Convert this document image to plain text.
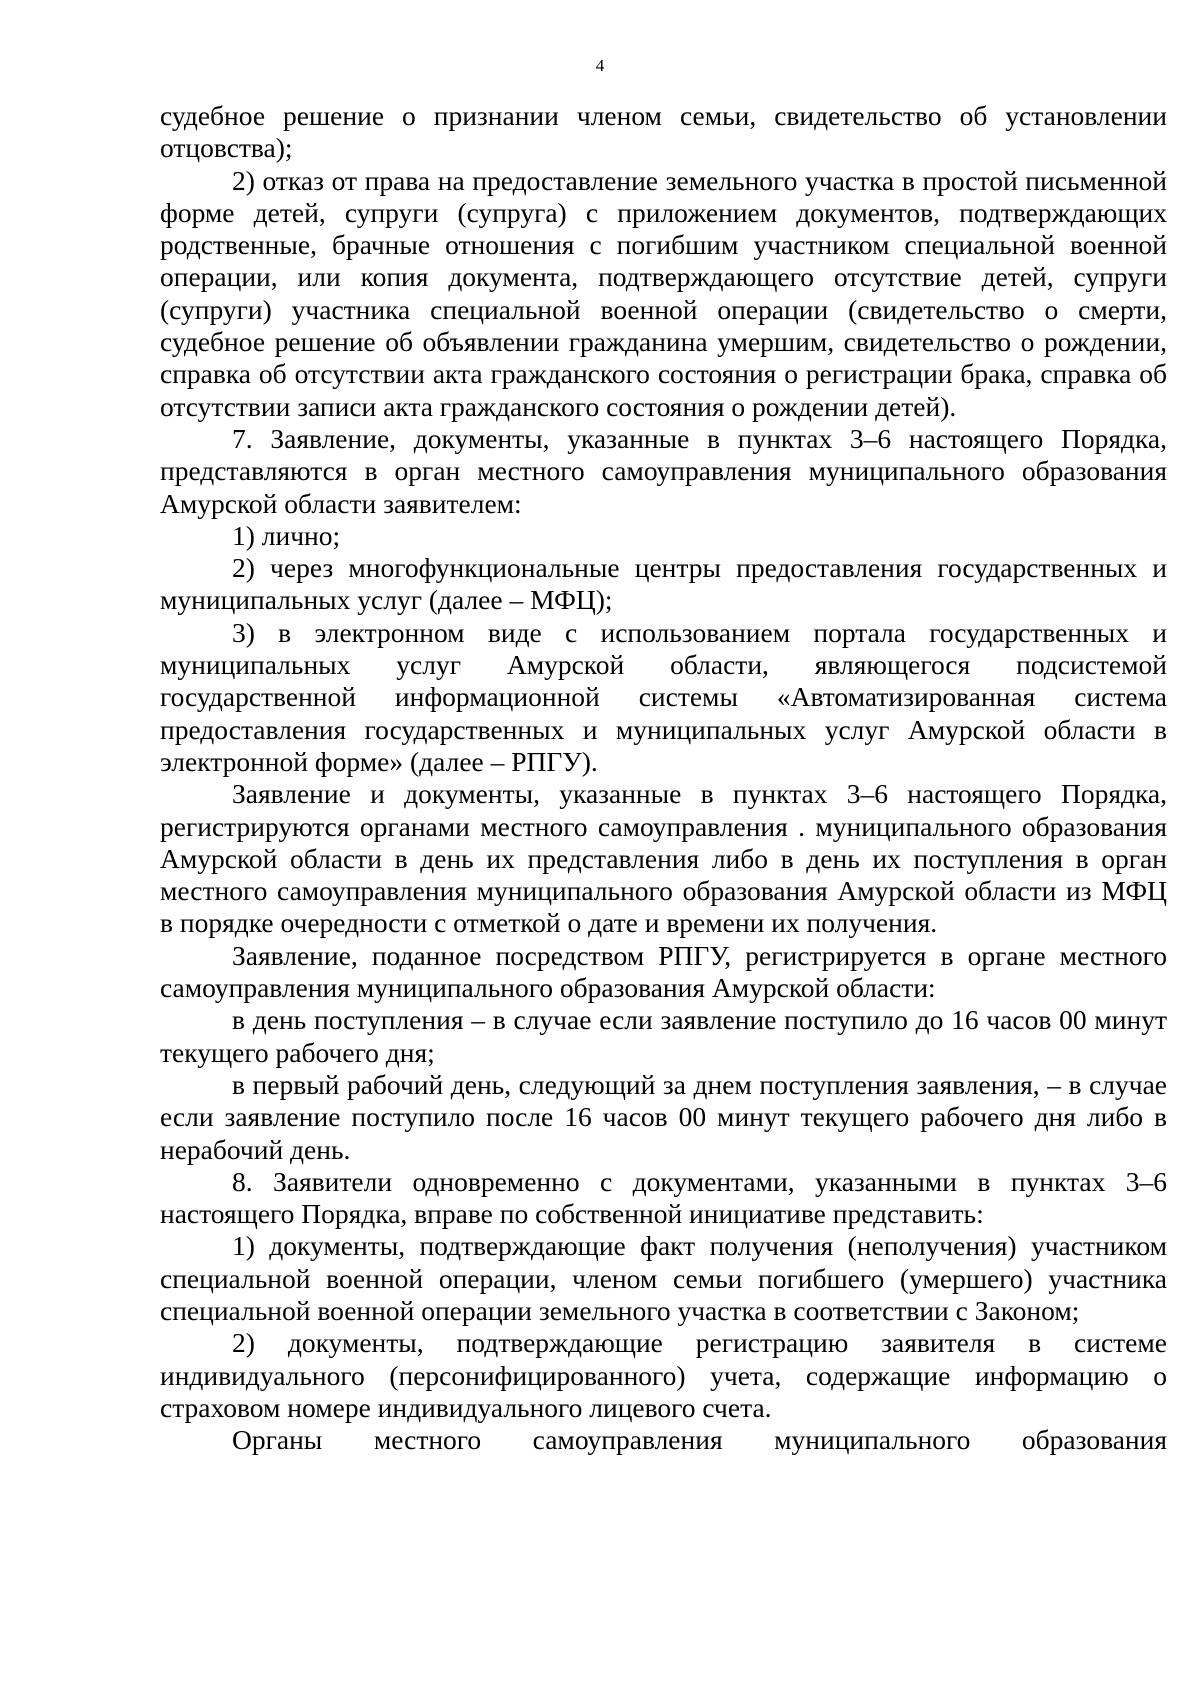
4

судебное решение о признании членом семьи, свидетельство об установлении отцовства);

2) отказ от права на предоставление земельного участка в простой письменной форме детей, супруги (супруга) с приложением документов, подтверждающих родственные, брачные отношения с погибшим участником специальной военной операции, или копия документа, подтверждающего отсутствие детей, супруги (супруги) участника специальной военной операции (свидетельство о смерти, судебное решение об объявлении гражданина умершим, свидетельство о рождении, справка об отсутствии акта гражданского состояния о регистрации брака, справка об отсутствии записи акта гражданского состояния о рождении детей).

7. Заявление, документы, указанные в пунктах 3–6 настоящего Порядка, представляются в орган местного самоуправления муниципального образования Амурской области заявителем:

1) лично;

2) через многофункциональные центры предоставления государственных и муниципальных услуг (далее – МФЦ);

3) в электронном виде с использованием портала государственных и муниципальных услуг Амурской области, являющегося подсистемой государственной информационной системы «Автоматизированная система предоставления государственных и муниципальных услуг Амурской области в электронной форме» (далее – РПГУ).

Заявление и документы, указанные в пунктах 3–6 настоящего Порядка, регистрируются органами местного самоуправления . муниципального образования Амурской области в день их представления либо в день их поступления в орган местного самоуправления муниципального образования Амурской области из МФЦ в порядке очередности с отметкой о дате и времени их получения.

Заявление, поданное посредством РПГУ, регистрируется в органе местного самоуправления муниципального образования Амурской области:

в день поступления – в случае если заявление поступило до 16 часов 00 минут текущего рабочего дня;

в первый рабочий день, следующий за днем поступления заявления, – в случае если заявление поступило после 16 часов 00 минут текущего рабочего дня либо в нерабочий день.

8. Заявители одновременно с документами, указанными в пунктах 3–6 настоящего Порядка, вправе по собственной инициативе представить:

1) документы, подтверждающие факт получения (неполучения) участником специальной военной операции, членом семьи погибшего (умершего) участника специальной военной операции земельного участка в соответствии с Законом;

2) документы, подтверждающие регистрацию заявителя в системе индивидуального (персонифицированного) учета, содержащие информацию о страховом номере индивидуального лицевого счета.

Органы местного самоуправления муниципального образования
